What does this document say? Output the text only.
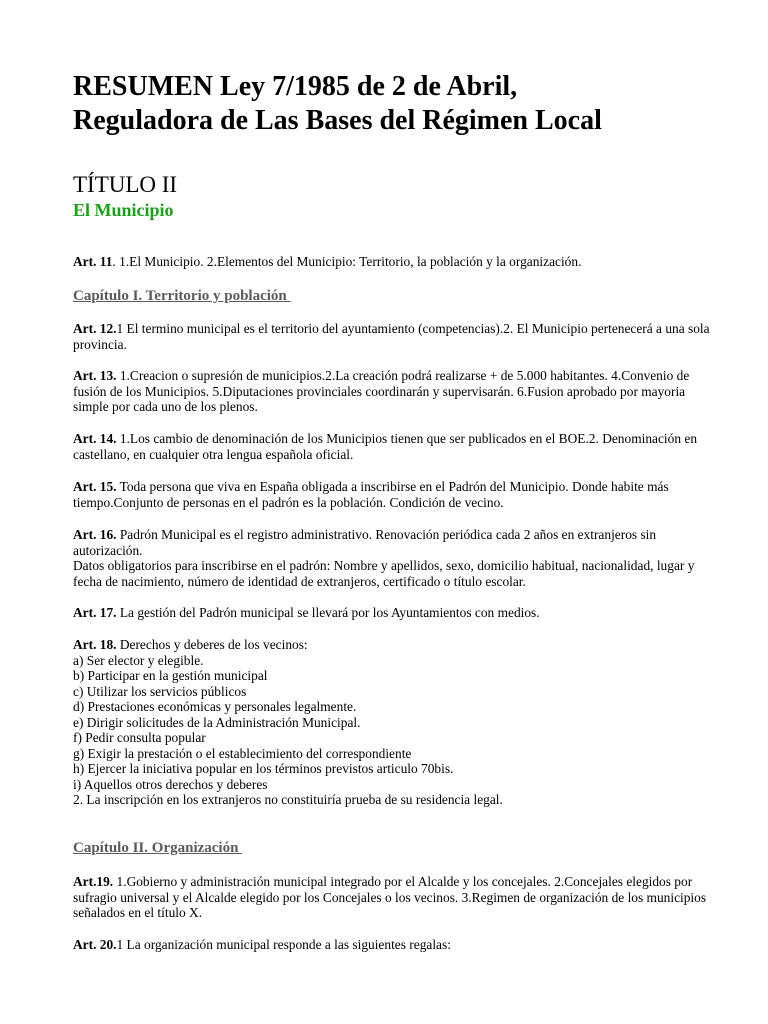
RESUMEN Ley 7/1985 de 2 de Abril,
Reguladora de Las Bases del Régimen Local
TÍTULO II
El Municipio
Art. 11. 1.El Municipio. 2.Elementos del Municipio: Territorio, la población y la organización.
Capítulo I. Territorio y población
Art. 12.1 El termino municipal es el territorio del ayuntamiento (competencias).2. El Municipio pertenecerá a una sola provincia.
Art. 13. 1.Creacion o supresión de municipios.2.La creación podrá realizarse + de 5.000 habitantes. 4.Convenio de fusión de los Municipios. 5.Diputaciones provinciales coordinarán y supervisarán. 6.Fusion aprobado por mayoria simple por cada uno de los plenos.
Art. 14. 1.Los cambio de denominación de los Municipios tienen que ser publicados en el BOE.2. Denominación en castellano, en cualquier otra lengua española oficial.
Art. 15. Toda persona que viva en España obligada a inscribirse en el Padrón del Municipio. Donde habite más tiempo.Conjunto de personas en el padrón es la población. Condición de vecino.
Art. 16. Padrón Municipal es el registro administrativo. Renovación periódica cada 2 años en extranjeros sin autorización.
Datos obligatorios para inscribirse en el padrón: Nombre y apellidos, sexo, domicilio habitual, nacionalidad, lugar y fecha de nacimiento, número de identidad de extranjeros, certificado o título escolar.
Art. 17. La gestión del Padrón municipal se llevará por los Ayuntamientos con medios.
Art. 18. Derechos y deberes de los vecinos:
a) Ser elector y elegible.
b) Participar en la gestión municipal
c) Utilizar los servicios públicos
d) Prestaciones económicas y personales legalmente.
e) Dirigir solicitudes de la Administración Municipal.
f) Pedir consulta popular
g) Exigir la prestación o el establecimiento del correspondiente
h) Ejercer la iniciativa popular en los términos previstos articulo 70bis.
i) Aquellos otros derechos y deberes
2. La inscripción en los extranjeros no constituiría prueba de su residencia legal.
Capítulo II. Organización
Art.19. 1.Gobierno y administración municipal integrado por el Alcalde y los concejales. 2.Concejales elegidos por sufragio universal y el Alcalde elegido por los Concejales o los vecinos. 3.Regimen de organización de los municipios señalados en el título X.
Art. 20.1 La organización municipal responde a las siguientes regalas:
